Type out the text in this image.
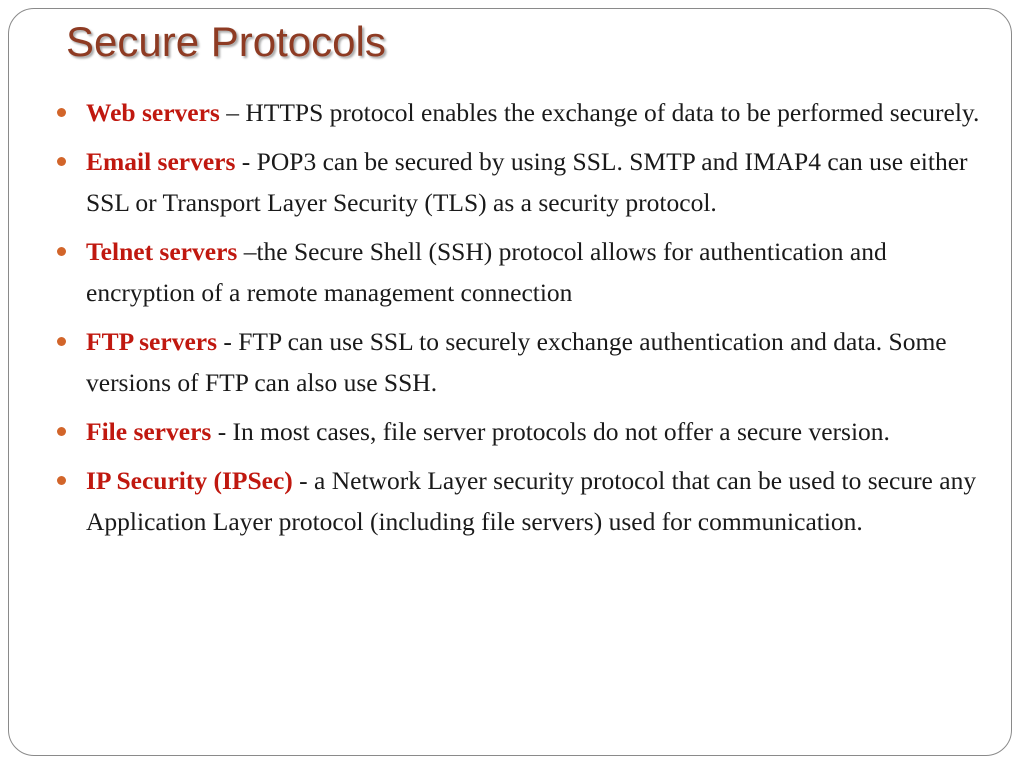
Secure Protocols
Web servers – HTTPS protocol enables the exchange of data to be performed securely.
Email servers - POP3 can be secured by using SSL. SMTP and IMAP4 can use either SSL or Transport Layer Security (TLS) as a security protocol.
Telnet servers –the Secure Shell (SSH) protocol allows for authentication and encryption of a remote management connection
FTP servers - FTP can use SSL to securely exchange authentication and data. Some versions of FTP can also use SSH.
File servers - In most cases, file server protocols do not offer a secure version.
IP Security (IPSec) - a Network Layer security protocol that can be used to secure any Application Layer protocol (including file servers) used for communication.
